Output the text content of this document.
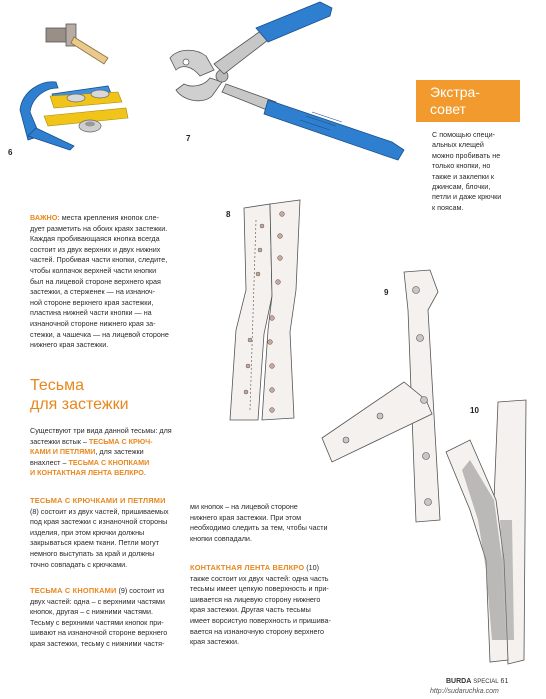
6
7
8
9
10
Экстра-
совет
С помощью специ-
альных клещей
можно пробивать не
только кнопки, но
также и заклепки к
джинсам, блочки,
петли и даже крючки
к поясам.
ВАЖНО: места крепления кнопок сле-
дует разметить на обоих краях застежки.
Каждая пробивающаяся кнопка всегда
состоит из двух верхних и двух нижних
частей. Пробивая части кнопки, следите,
чтобы колпачок верхней части кнопки
был на лицевой стороне верхнего края
застежки, а стерженек — на изнаноч-
ной стороне верхнего края застежки,
пластина нижней части кнопки — на
изнаночной стороне нижнего края за-
стежки, а чашечка — на лицевой стороне
нижнего края застежки.
Тесьма
для застежки
Существуют три вида данной тесьмы: для
застежки встык – ТЕСЬМА С КРЮЧ-
КАМИ И ПЕТЛЯМИ, для застежки
внахлест – ТЕСЬМА С КНОПКАМИ
И КОНТАКТНАЯ ЛЕНТА ВЕЛКРО.
ТЕСЬМА С КРЮЧКАМИ И ПЕТЛЯМИ
(8) состоит из двух частей, пришиваемых
под края застежки с изнаночной стороны
изделия, при этом крючки должны
закрываться краем ткани. Петли могут
немного выступать за край и должны
точно совпадать с крючками.
ТЕСЬМА С КНОПКАМИ (9) состоит из
двух частей: одна – с верхними частями
кнопок, другая – с нижними частями.
Тесьму с верхними частями кнопок при-
шивают на изнаночной стороне верхнего
края застежки, тесьму с нижними частя-
ми кнопок – на лицевой стороне
нижнего края застежки. При этом
необходимо следить за тем, чтобы части
кнопки совпадали.
КОНТАКТНАЯ ЛЕНТА ВЕЛКРО (10)
также состоит их двух частей: одна часть
тесьмы имеет цепкую поверхность и при-
шивается на лицевую сторону нижнего
края застежки. Другая часть тесьмы
имеет ворсистую поверхность и пришива-
вается на изнаночную сторону верхнего
края застежки.
BURDA SPECIAL 61
http://sudaruchka.com
